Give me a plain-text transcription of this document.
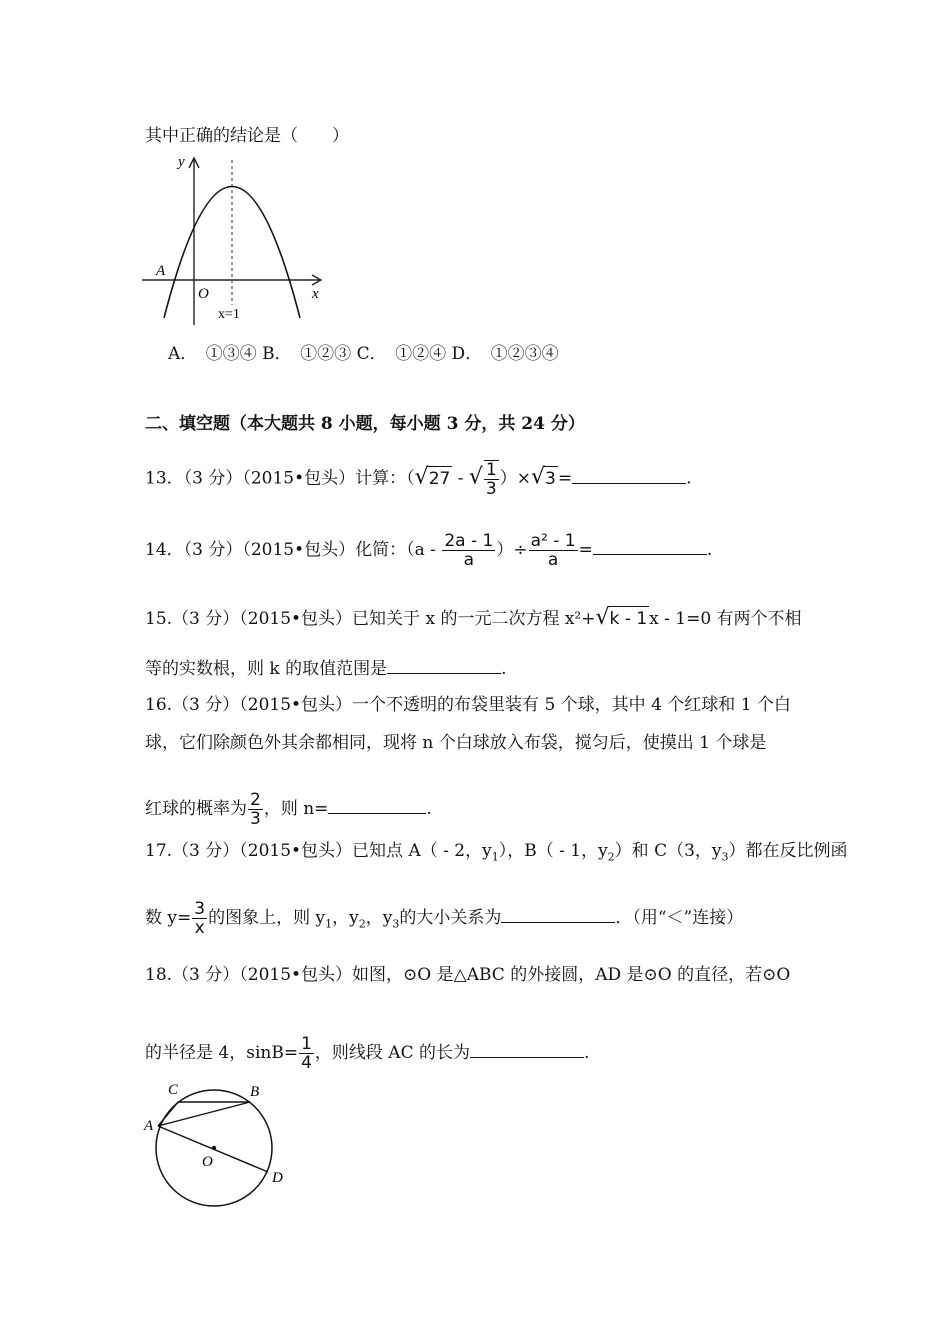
其中正确的结论是（　　）
y
x
O
A
x=1
A．　①③④ B．　①②③ C．　①②④ D．　①②③④
二、填空题（本大题共 8 小题，每小题 3 分，共 24 分）
13．（3 分）（2015•包头）计算：（√27 - √ $\frac{1}{3} )\times√3$ =	.
14．（3 分）（2015•包头）化简：（$a - \frac{2a - 1}{a}$ ）÷ $\frac{\text{a² - 1}}{a}$ =	.
15.（3 分）（2015•包头）已知关于 x 的一元二次方程 x²+√k - 1 x - 1=0 有两个不相
等的实数根，则 k 的取值范围是	.
16.（3 分）（2015•包头）一个不透明的布袋里装有 5 个球，其中 4 个红球和 1 个白
球，它们除颜色外其余都相同，现将 n 个白球放入布袋，搅匀后，使摸出 1 个球是
红球的概率为 $\frac{2}{3}$ ，则 n=	.
17.（3 分）（2015•包头）已知点 A（ - 2，$y_1$），B（ - 1，$y_2$）和 C（3，$y_3$）都在反比例函
数 $y= \frac{3}{x}$ 的图象上，则 $y_1$，$y_2$，$y_3$的大小关系为	．（用“＜”连接）
18.（3 分）（2015•包头）如图，⊙O 是△ABC 的外接圆，AD 是⊙O 的直径，若⊙O
的半径是 4，$\sin B= \frac{1}{4}$ ，则线段 AC 的长为	.
A
C	B
O
D
